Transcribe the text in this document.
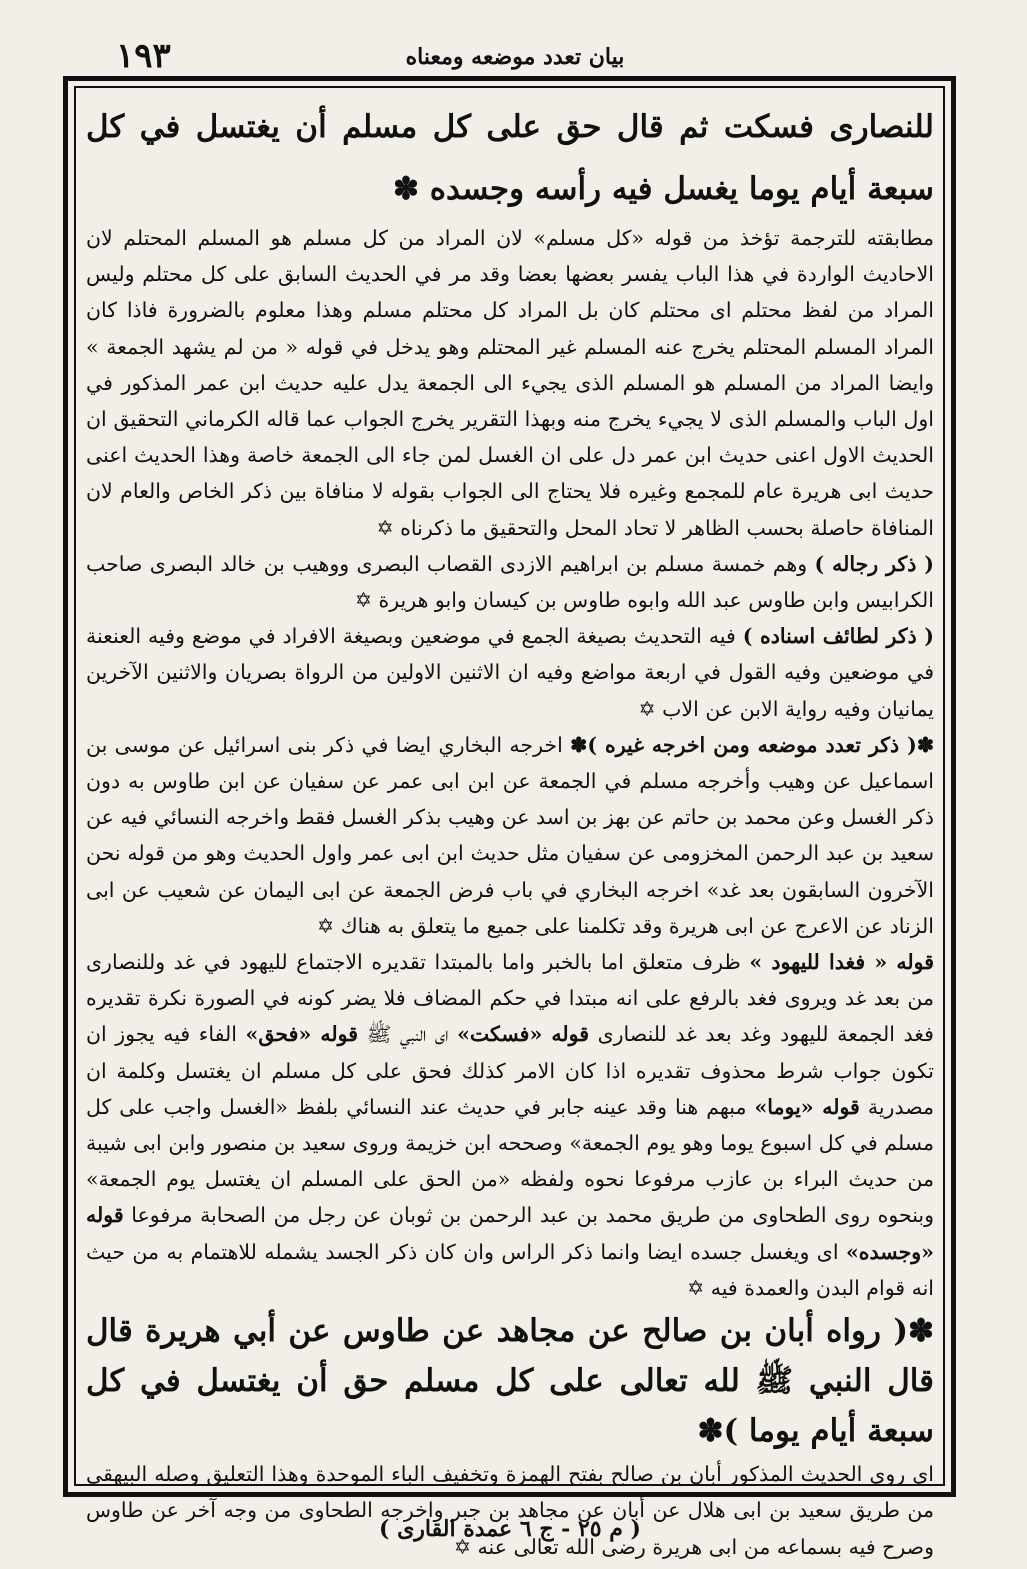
١٩٣	بيان تعدد موضعه ومعناه

للنصارى فسكت ثم قال حق على كل مسلم أن يغتسل في كل سبعة أيام يوما يغسل فيه رأسه وجسده ✽

مطابقته للترجمة تؤخذ من قوله «كل مسلم» لان المراد من كل مسلم هو المسلم المحتلم لان الاحاديث الواردة في هذا الباب يفسر بعضها بعضا وقد مر في الحديث السابق على كل محتلم وليس المراد من لفظ محتلم اى محتلم كان بل المراد كل محتلم مسلم وهذا معلوم بالضرورة فاذا كان المراد المسلم المحتلم يخرج عنه المسلم غير المحتلم وهو يدخل في قوله « من لم يشهد الجمعة » وايضا المراد من المسلم هو المسلم الذى يجيء الى الجمعة يدل عليه حديث ابن عمر المذكور في اول الباب والمسلم الذى لا يجيء يخرج منه وبهذا التقرير يخرج الجواب عما قاله الكرماني التحقيق ان الحديث الاول اعنى حديث ابن عمر دل على ان الغسل لمن جاء الى الجمعة خاصة وهذا الحديث اعنى حديث ابى هريرة عام للمجمع وغيره فلا يحتاج الى الجواب بقوله لا منافاة بين ذكر الخاص والعام لان المنافاة حاصلة بحسب الظاهر لا تحاد المحل والتحقيق ما ذكرناه ✡

( ذكر رجاله ) وهم خمسة مسلم بن ابراهيم الازدى القصاب البصرى ووهيب بن خالد البصرى صاحب الكرابيس وابن طاوس عبد الله وابوه طاوس بن كيسان وابو هريرة ✡

( ذكر لطائف اسناده ) فيه التحديث بصيغة الجمع في موضعين وبصيغة الافراد في موضع وفيه العنعنة في موضعين وفيه القول في اربعة مواضع وفيه ان الاثنين الاولين من الرواة بصريان والاثنين الآخرين يمانيان وفيه رواية الابن عن الاب ✡

✽( ذكر تعدد موضعه ومن اخرجه غيره )✽ اخرجه البخاري ايضا في ذكر بنى اسرائيل عن موسى بن اسماعيل عن وهيب وأخرجه مسلم في الجمعة عن ابن ابى عمر عن سفيان عن ابن طاوس به دون ذكر الغسل وعن محمد بن حاتم عن بهز بن اسد عن وهيب بذكر الغسل فقط واخرجه النسائي فيه عن سعيد بن عبد الرحمن المخزومى عن سفيان مثل حديث ابن ابى عمر واول الحديث وهو من قوله نحن الآخرون السابقون بعد غد» اخرجه البخاري في باب فرض الجمعة عن ابى اليمان عن شعيب عن ابى الزناد عن الاعرج عن ابى هريرة وقد تكلمنا على جميع ما يتعلق به هناك ✡

قوله « فغدا لليهود » ظرف متعلق اما بالخبر واما بالمبتدا تقديره الاجتماع لليهود في غد وللنصارى من بعد غد ويروى فغد بالرفع على انه مبتدا في حكم المضاف فلا يضر كونه في الصورة نكرة تقديره فغد الجمعة لليهود وغد بعد غد للنصارى قوله «فسكت» اى النبي ﷺ قوله «فحق» الفاء فيه يجوز ان تكون جواب شرط محذوف تقديره اذا كان الامر كذلك فحق على كل مسلم ان يغتسل وكلمة ان مصدرية قوله «يوما» مبهم هنا وقد عينه جابر في حديث عند النسائي بلفظ «الغسل واجب على كل مسلم في كل اسبوع يوما وهو يوم الجمعة» وصححه ابن خزيمة وروى سعيد بن منصور وابن ابى شيبة من حديث البراء بن عازب مرفوعا نحوه ولفظه «من الحق على المسلم ان يغتسل يوم الجمعة» وبنحوه روى الطحاوى من طريق محمد بن عبد الرحمن بن ثوبان عن رجل من الصحابة مرفوعا قوله «وجسده» اى ويغسل جسده ايضا وانما ذكر الراس وان كان ذكر الجسد يشمله للاهتمام به من حيث انه قوام البدن والعمدة فيه ✡

✽( رواه أبان بن صالح عن مجاهد عن طاوس عن أبي هريرة قال قال النبي ﷺ لله تعالى على كل مسلم حق أن يغتسل في كل سبعة أيام يوما )✽

اى روى الحديث المذكور أبان بن صالح بفتح الهمزة وتخفيف الباء الموحدة وهذا التعليق وصله البيهقى من طريق سعيد بن ابى هلال عن أبان عن مجاهد بن جبر واخرجه الطحاوى من وجه آخر عن طاوس وصرح فيه بسماعه من ابى هريرة رضى الله تعالى عنه ✡

( م ٢٥ - ج ٦ عمدة القارى )
